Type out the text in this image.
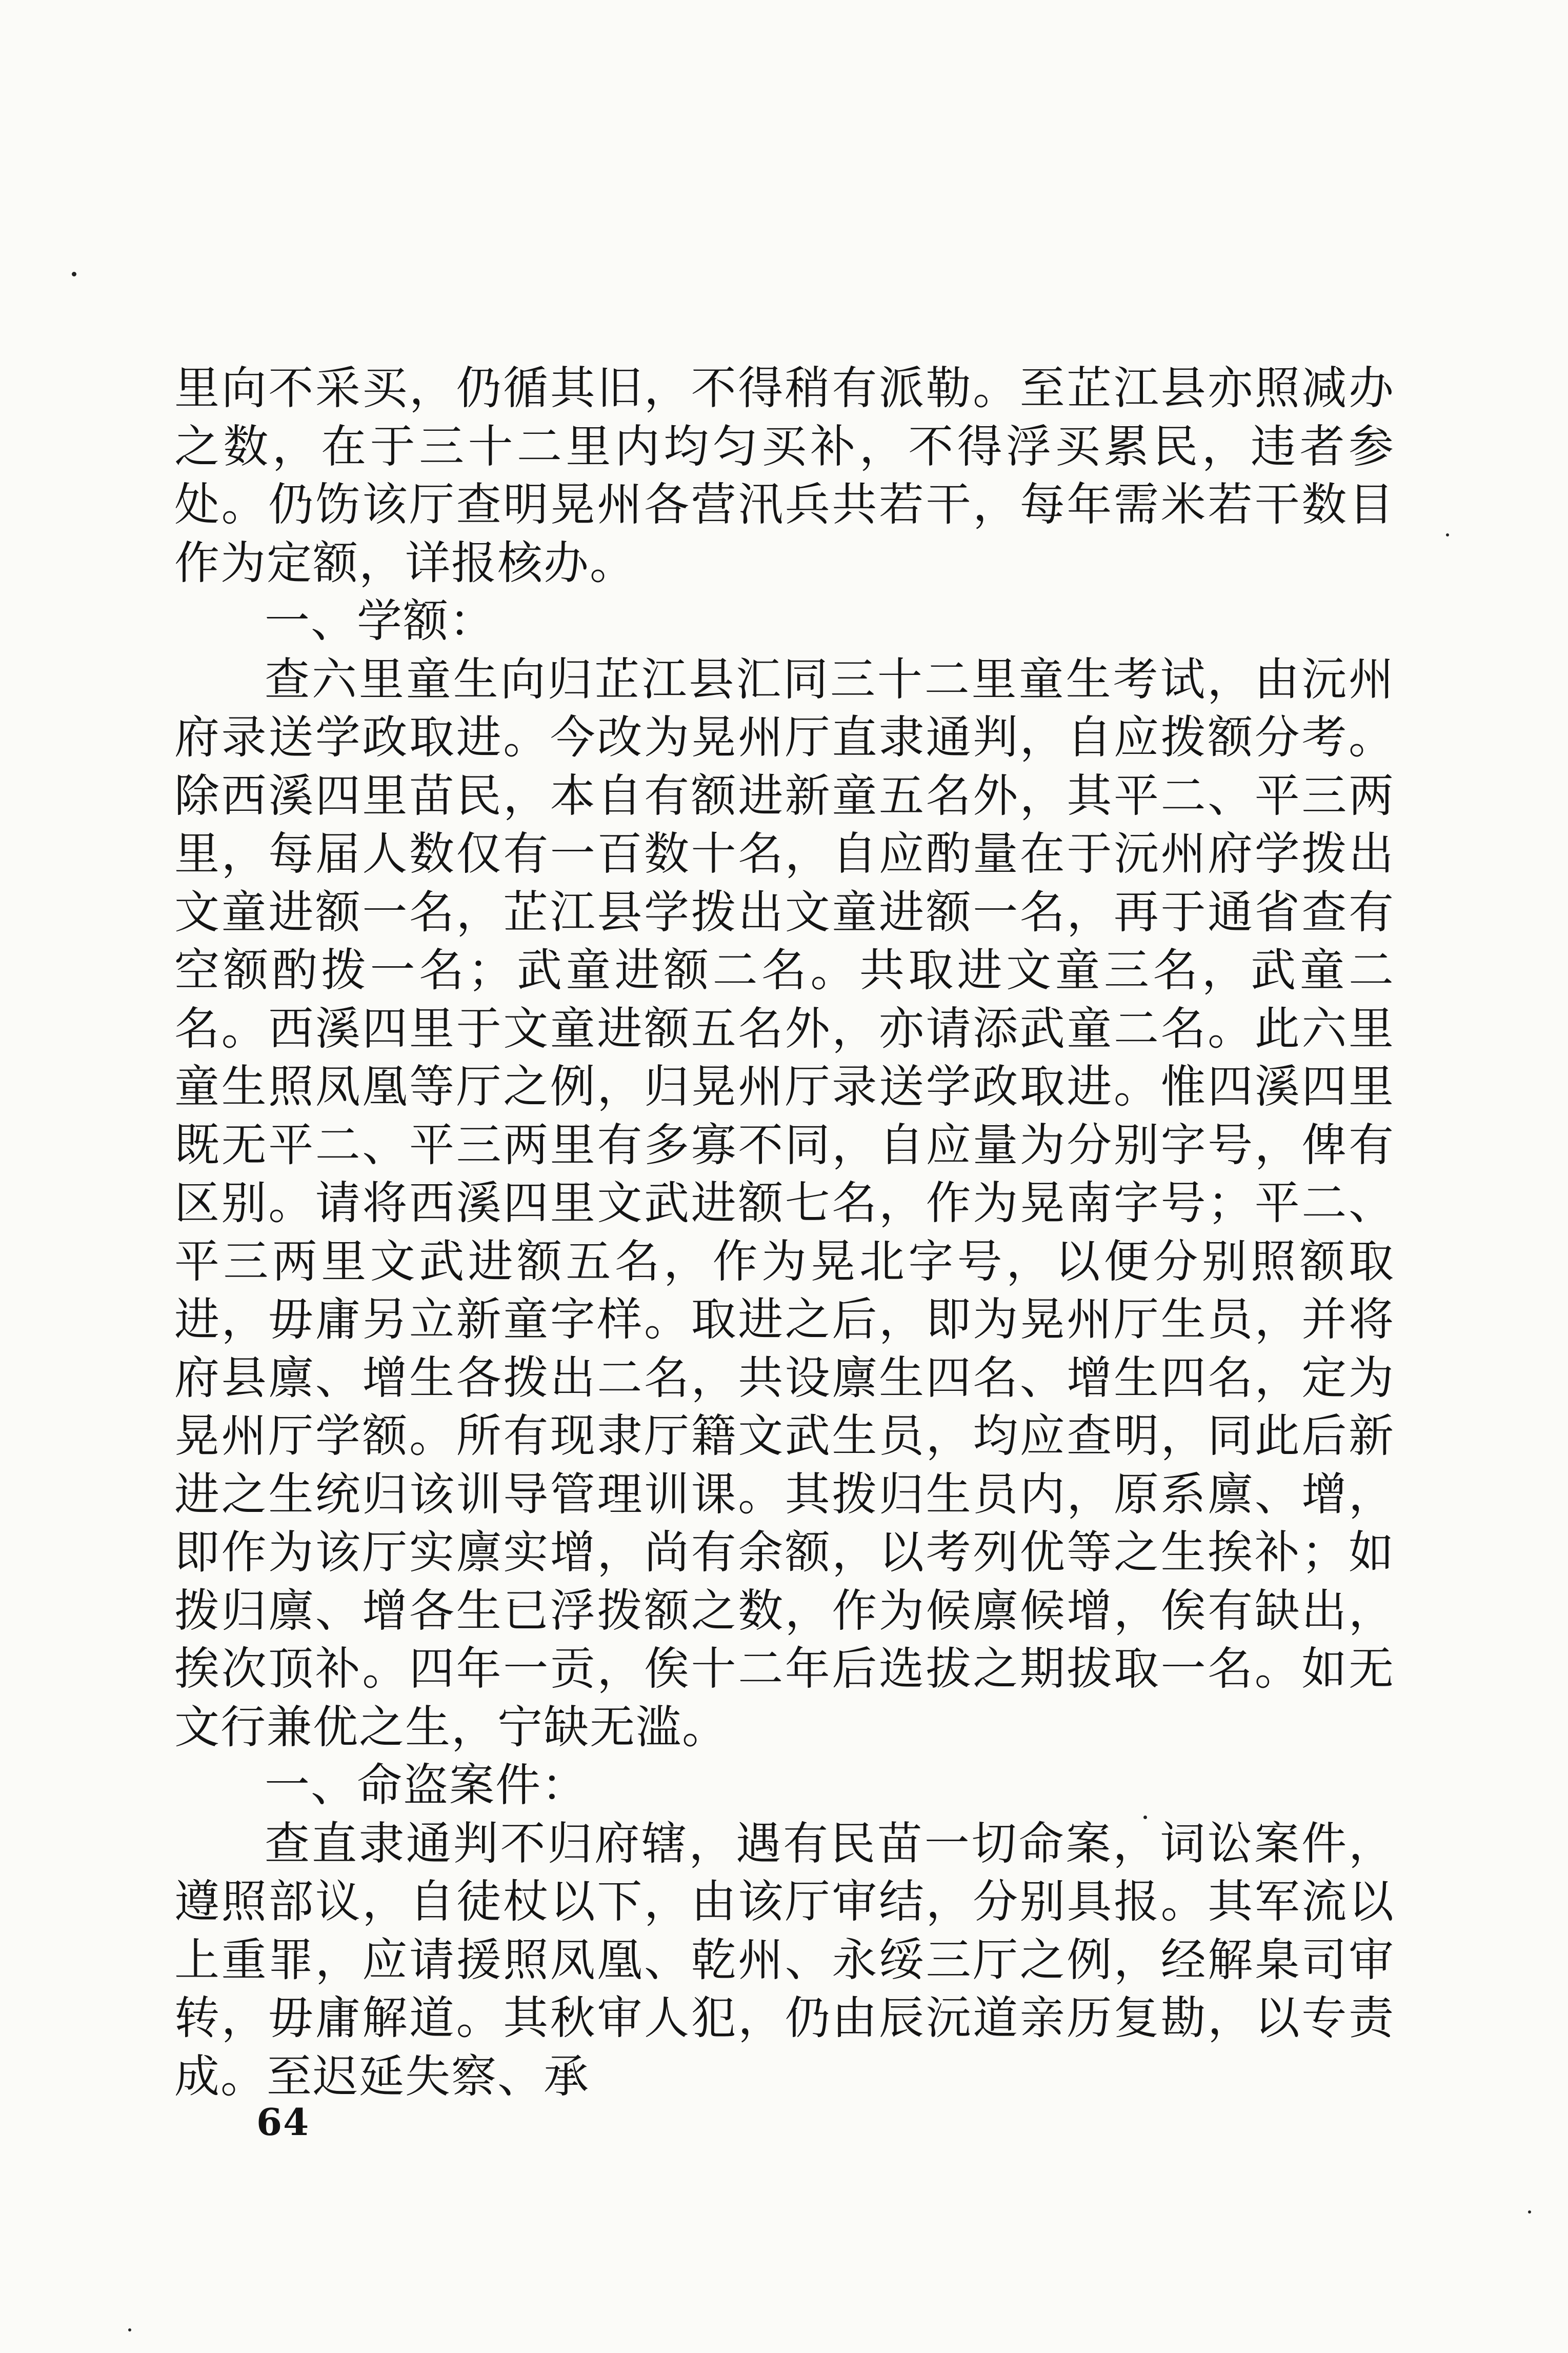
里向不采买，仍循其旧，不得稍有派勒。至芷江县亦照减办之数，在于三十二里内均匀买补，不得浮买累民，违者参处。仍饬该厅查明晃州各营汛兵共若干，每年需米若干数目作为定额，详报核办。

一、学额：

查六里童生向归芷江县汇同三十二里童生考试，由沅州府录送学政取进。今改为晃州厅直隶通判，自应拨额分考。除西溪四里苗民，本自有额进新童五名外，其平二、平三两里，每届人数仅有一百数十名，自应酌量在于沅州府学拨出文童进额一名，芷江县学拨出文童进额一名，再于通省查有空额酌拨一名；武童进额二名。共取进文童三名，武童二名。西溪四里于文童进额五名外，亦请添武童二名。此六里童生照凤凰等厅之例，归晃州厅录送学政取进。惟四溪四里既无平二、平三两里有多寡不同，自应量为分别字号，俾有区别。请将西溪四里文武进额七名，作为晃南字号；平二、平三两里文武进额五名，作为晃北字号，以便分别照额取进，毋庸另立新童字样。取进之后，即为晃州厅生员，并将府县廪、增生各拨出二名，共设廪生四名、增生四名，定为晃州厅学额。所有现隶厅籍文武生员，均应查明，同此后新进之生统归该训导管理训课。其拨归生员内，原系廪、增，即作为该厅实廪实增，尚有余额，以考列优等之生挨补；如拨归廪、增各生已浮拨额之数，作为候廪候增，俟有缺出，挨次顶补。四年一贡，俟十二年后选拔之期拔取一名。如无文行兼优之生，宁缺无滥。

一、命盗案件：

查直隶通判不归府辖，遇有民苗一切命案，词讼案件，遵照部议，自徒杖以下，由该厅审结，分别具报。其军流以上重罪，应请援照凤凰、乾州、永绥三厅之例，经解臬司审转，毋庸解道。其秋审人犯，仍由辰沅道亲历复勘，以专责成。至迟延失察、承

64
